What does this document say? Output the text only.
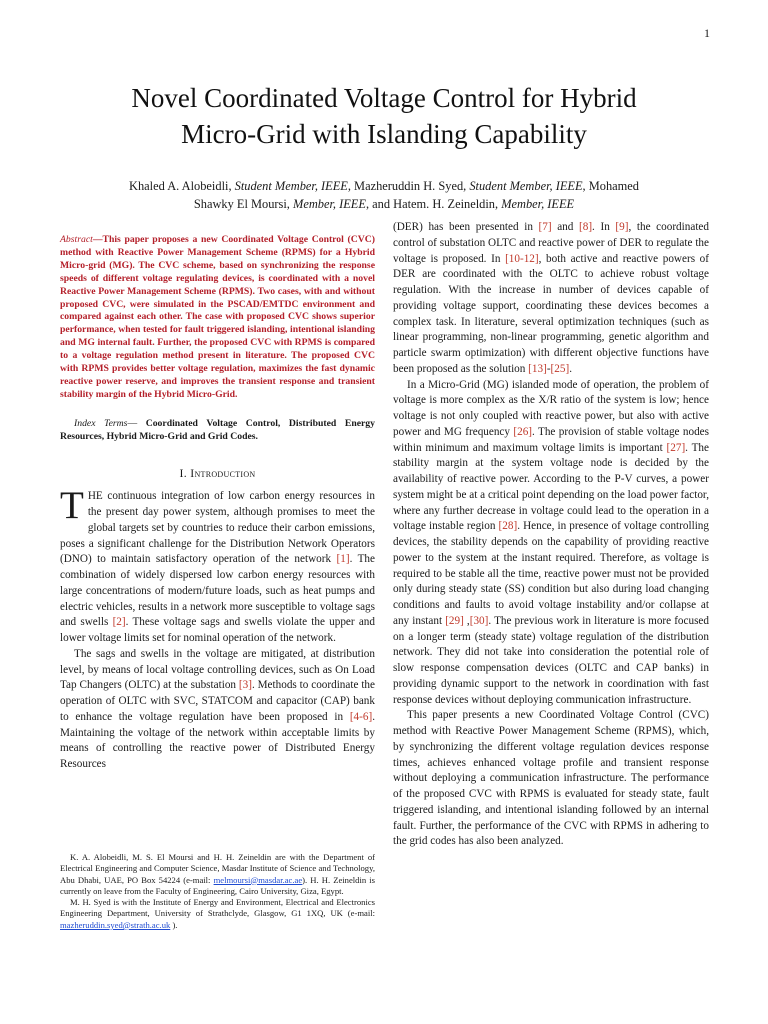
1
Novel Coordinated Voltage Control for Hybrid
Micro-Grid with Islanding Capability
Khaled A. Alobeidli, Student Member, IEEE, Mazheruddin H. Syed, Student Member, IEEE, Mohamed
Shawky El Moursi, Member, IEEE, and Hatem. H. Zeineldin, Member, IEEE

Abstract—This paper proposes a new Coordinated Voltage Control (CVC) method with Reactive Power Management Scheme (RPMS) for a Hybrid Micro-grid (MG). The CVC scheme, based on synchronizing the response speeds of different voltage regulating devices, is coordinated with a novel Reactive Power Management Scheme (RPMS). Two cases, with and without proposed CVC, were simulated in the PSCAD/EMTDC environment and compared against each other. The case with proposed CVC shows superior performance, when tested for fault triggered islanding, intentional islanding and MG internal fault. Further, the proposed CVC with RPMS is compared to a voltage regulation method present in literature. The proposed CVC with RPMS provides better voltage regulation, maximizes the fast dynamic reactive power reserve, and improves the transient response and transient stability margin of the Hybrid Micro-Grid.

Index Terms— Coordinated Voltage Control, Distributed Energy Resources, Hybrid Micro-Grid and Grid Codes.

I. Introduction

THE continuous integration of low carbon energy resources in the present day power system, although promises to meet the global targets set by countries to reduce their carbon emissions, poses a significant challenge for the Distribution Network Operators (DNO) to maintain satisfactory operation of the network [1]. The combination of widely dispersed low carbon energy resources with large concentrations of modern/future loads, such as heat pumps and electric vehicles, results in a network more susceptible to voltage sags and swells [2]. These voltage sags and swells violate the upper and lower voltage limits set for nominal operation of the network.

The sags and swells in the voltage are mitigated, at distribution level, by means of local voltage controlling devices, such as On Load Tap Changers (OLTC) at the substation [3]. Methods to coordinate the operation of OLTC with SVC, STATCOM and capacitor (CAP) bank to enhance the voltage regulation have been proposed in [4-6]. Maintaining the voltage of the network within acceptable limits by means of controlling the reactive power of Distributed Energy Resources

K. A. Alobeidli, M. S. El Moursi and H. H. Zeineldin are with the Department of Electrical Engineering and Computer Science, Masdar Institute of Science and Technology, Abu Dhabi, UAE, PO Box 54224 (e-mail: melmoursi@masdar.ac.ae). H. H. Zeineldin is currently on leave from the Faculty of Engineering, Cairo University, Giza, Egypt.

M. H. Syed is with the Institute of Energy and Environment, Electrical and Electronics Engineering Department, University of Strathclyde, Glasgow, G1 1XQ, UK (e-mail: mazheruddin.syed@strath.ac.uk ).

(DER) has been presented in [7] and [8]. In [9], the coordinated control of substation OLTC and reactive power of DER to regulate the voltage is proposed. In [10-12], both active and reactive powers of DER are coordinated with the OLTC to achieve robust voltage regulation. With the increase in number of devices capable of providing voltage support, coordinating these devices becomes a complex task. In literature, several optimization techniques (such as linear programming, non-linear programming, genetic algorithm and particle swarm optimization) with different objective functions have been proposed as the solution [13]-[25].

In a Micro-Grid (MG) islanded mode of operation, the problem of voltage is more complex as the X/R ratio of the system is low; hence voltage is not only coupled with reactive power, but also with active power and MG frequency [26]. The provision of stable voltage nodes within minimum and maximum voltage limits is important [27]. The stability margin at the system voltage node is decided by the availability of reactive power. According to the P-V curves, a power system might be at a critical point depending on the load power factor, where any further decrease in voltage could lead to the operation in a voltage instable region [28]. Hence, in presence of voltage controlling devices, the stability depends on the capability of providing reactive power to the system at the instant required. Therefore, as voltage is required to be stable all the time, reactive power must not be provided only during steady state (SS) condition but also during load changing conditions and faults to avoid voltage instability and/or collapse at any instant [29] ,[30]. The previous work in literature is more focused on a longer term (steady state) voltage regulation of the distribution network. They did not take into consideration the potential role of slow response compensation devices (OLTC and CAP banks) in providing dynamic support to the network in coordination with fast response devices without deploying communication infrastructure.

This paper presents a new Coordinated Voltage Control (CVC) method with Reactive Power Management Scheme (RPMS), which, by synchronizing the different voltage regulation devices response times, achieves enhanced voltage profile and transient response without deploying a communication infrastructure. The performance of the proposed CVC with RPMS is evaluated for steady state, fault triggered islanding, and intentional islanding followed by an internal fault. Further, the performance of the CVC with RPMS in adhering to the grid codes has also been analyzed.
